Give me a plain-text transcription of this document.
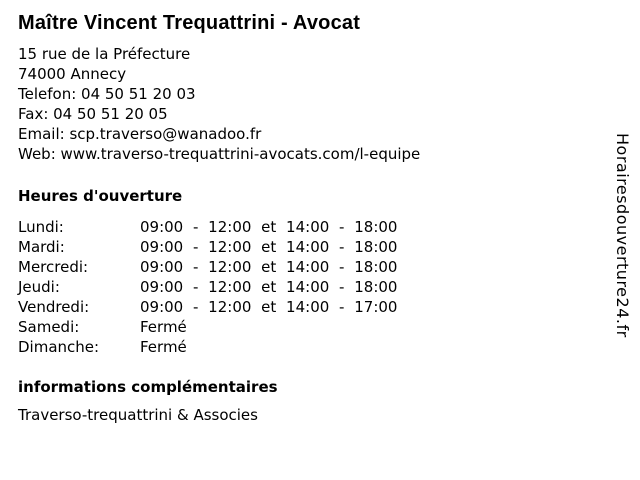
Maître Vincent Trequattrini - Avocat
15 rue de la Préfecture
74000 Annecy
Telefon: 04 50 51 20 03
Fax: 04 50 51 20 05
Email: scp.traverso@wanadoo.fr
Web: www.traverso-trequattrini-avocats.com/l-equipe
Heures d'ouverture
Lundi:	09:00 - 12:00 et 14:00 - 18:00
Mardi:	09:00 - 12:00 et 14:00 - 18:00
Mercredi:	09:00 - 12:00 et 14:00 - 18:00
Jeudi:	09:00 - 12:00 et 14:00 - 18:00
Vendredi:	09:00 - 12:00 et 14:00 - 17:00
Samedi:	Fermé
Dimanche:	Fermé
informations complémentaires

Traverso-trequattrini & Associes

Horairesdouverture24.fr
